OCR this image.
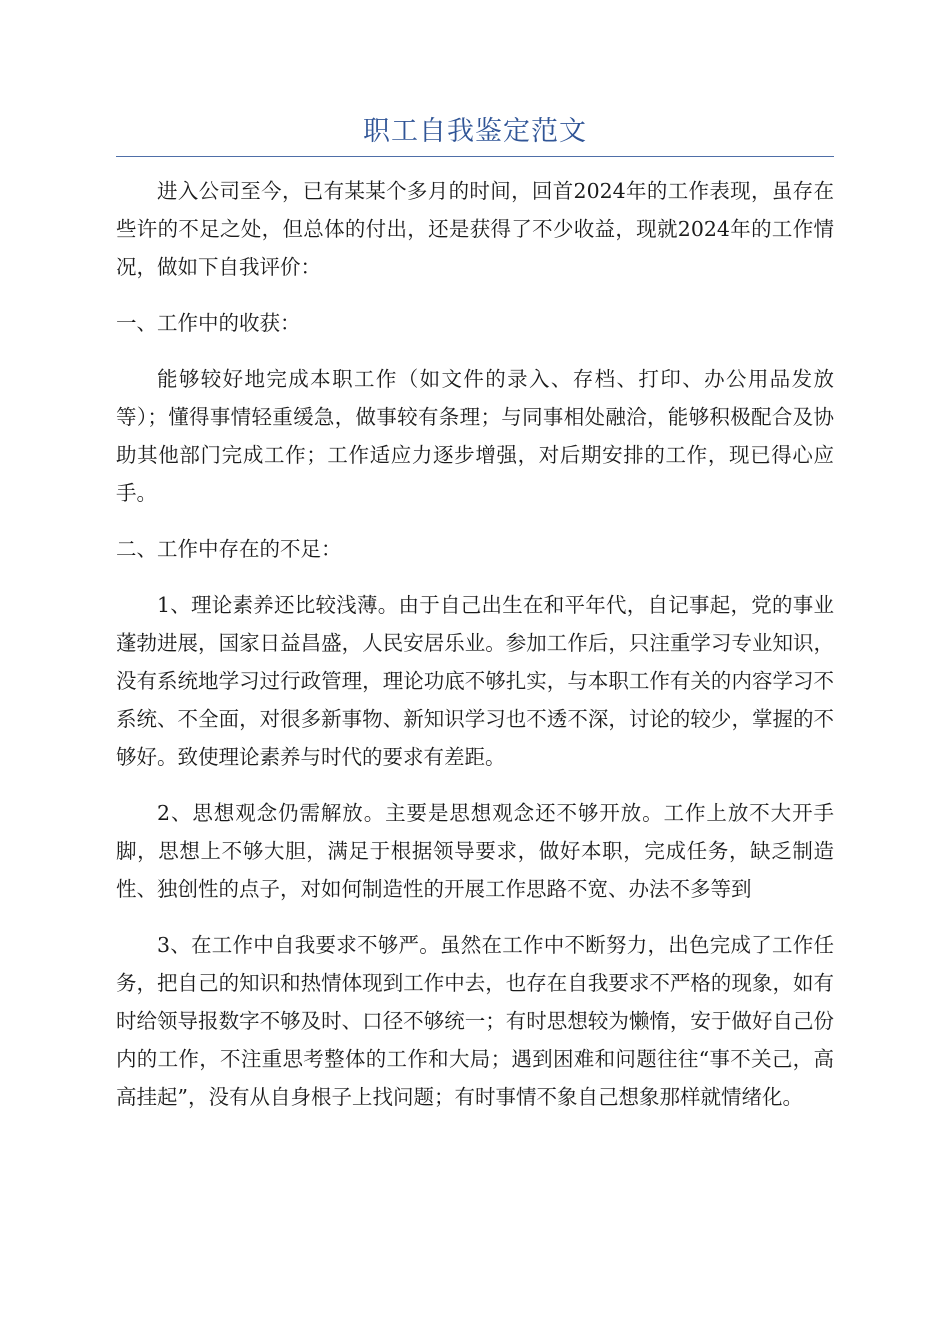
职工自我鉴定范文

进入公司至今，已有某某个多月的时间，回首2024年的工作表现，虽存在些许的不足之处，但总体的付出，还是获得了不少收益，现就2024年的工作情况，做如下自我评价：

一、工作中的收获：

能够较好地完成本职工作（如文件的录入、存档、打印、办公用品发放等）；懂得事情轻重缓急，做事较有条理；与同事相处融洽，能够积极配合及协助其他部门完成工作；工作适应力逐步增强，对后期安排的工作，现已得心应手。

二、工作中存在的不足：

1、理论素养还比较浅薄。由于自己出生在和平年代，自记事起，党的事业蓬勃进展，国家日益昌盛，人民安居乐业。参加工作后，只注重学习专业知识，没有系统地学习过行政管理，理论功底不够扎实，与本职工作有关的内容学习不系统、不全面，对很多新事物、新知识学习也不透不深，讨论的较少，掌握的不够好。致使理论素养与时代的要求有差距。

2、思想观念仍需解放。主要是思想观念还不够开放。工作上放不大开手脚，思想上不够大胆，满足于根据领导要求，做好本职，完成任务，缺乏制造性、独创性的点子，对如何制造性的开展工作思路不宽、办法不多等到

3、在工作中自我要求不够严。虽然在工作中不断努力，出色完成了工作任务，把自己的知识和热情体现到工作中去，也存在自我要求不严格的现象，如有时给领导报数字不够及时、口径不够统一；有时思想较为懒惰，安于做好自己份内的工作，不注重思考整体的工作和大局；遇到困难和问题往往“事不关己，高高挂起”，没有从自身根子上找问题；有时事情不象自己想象那样就情绪化。
